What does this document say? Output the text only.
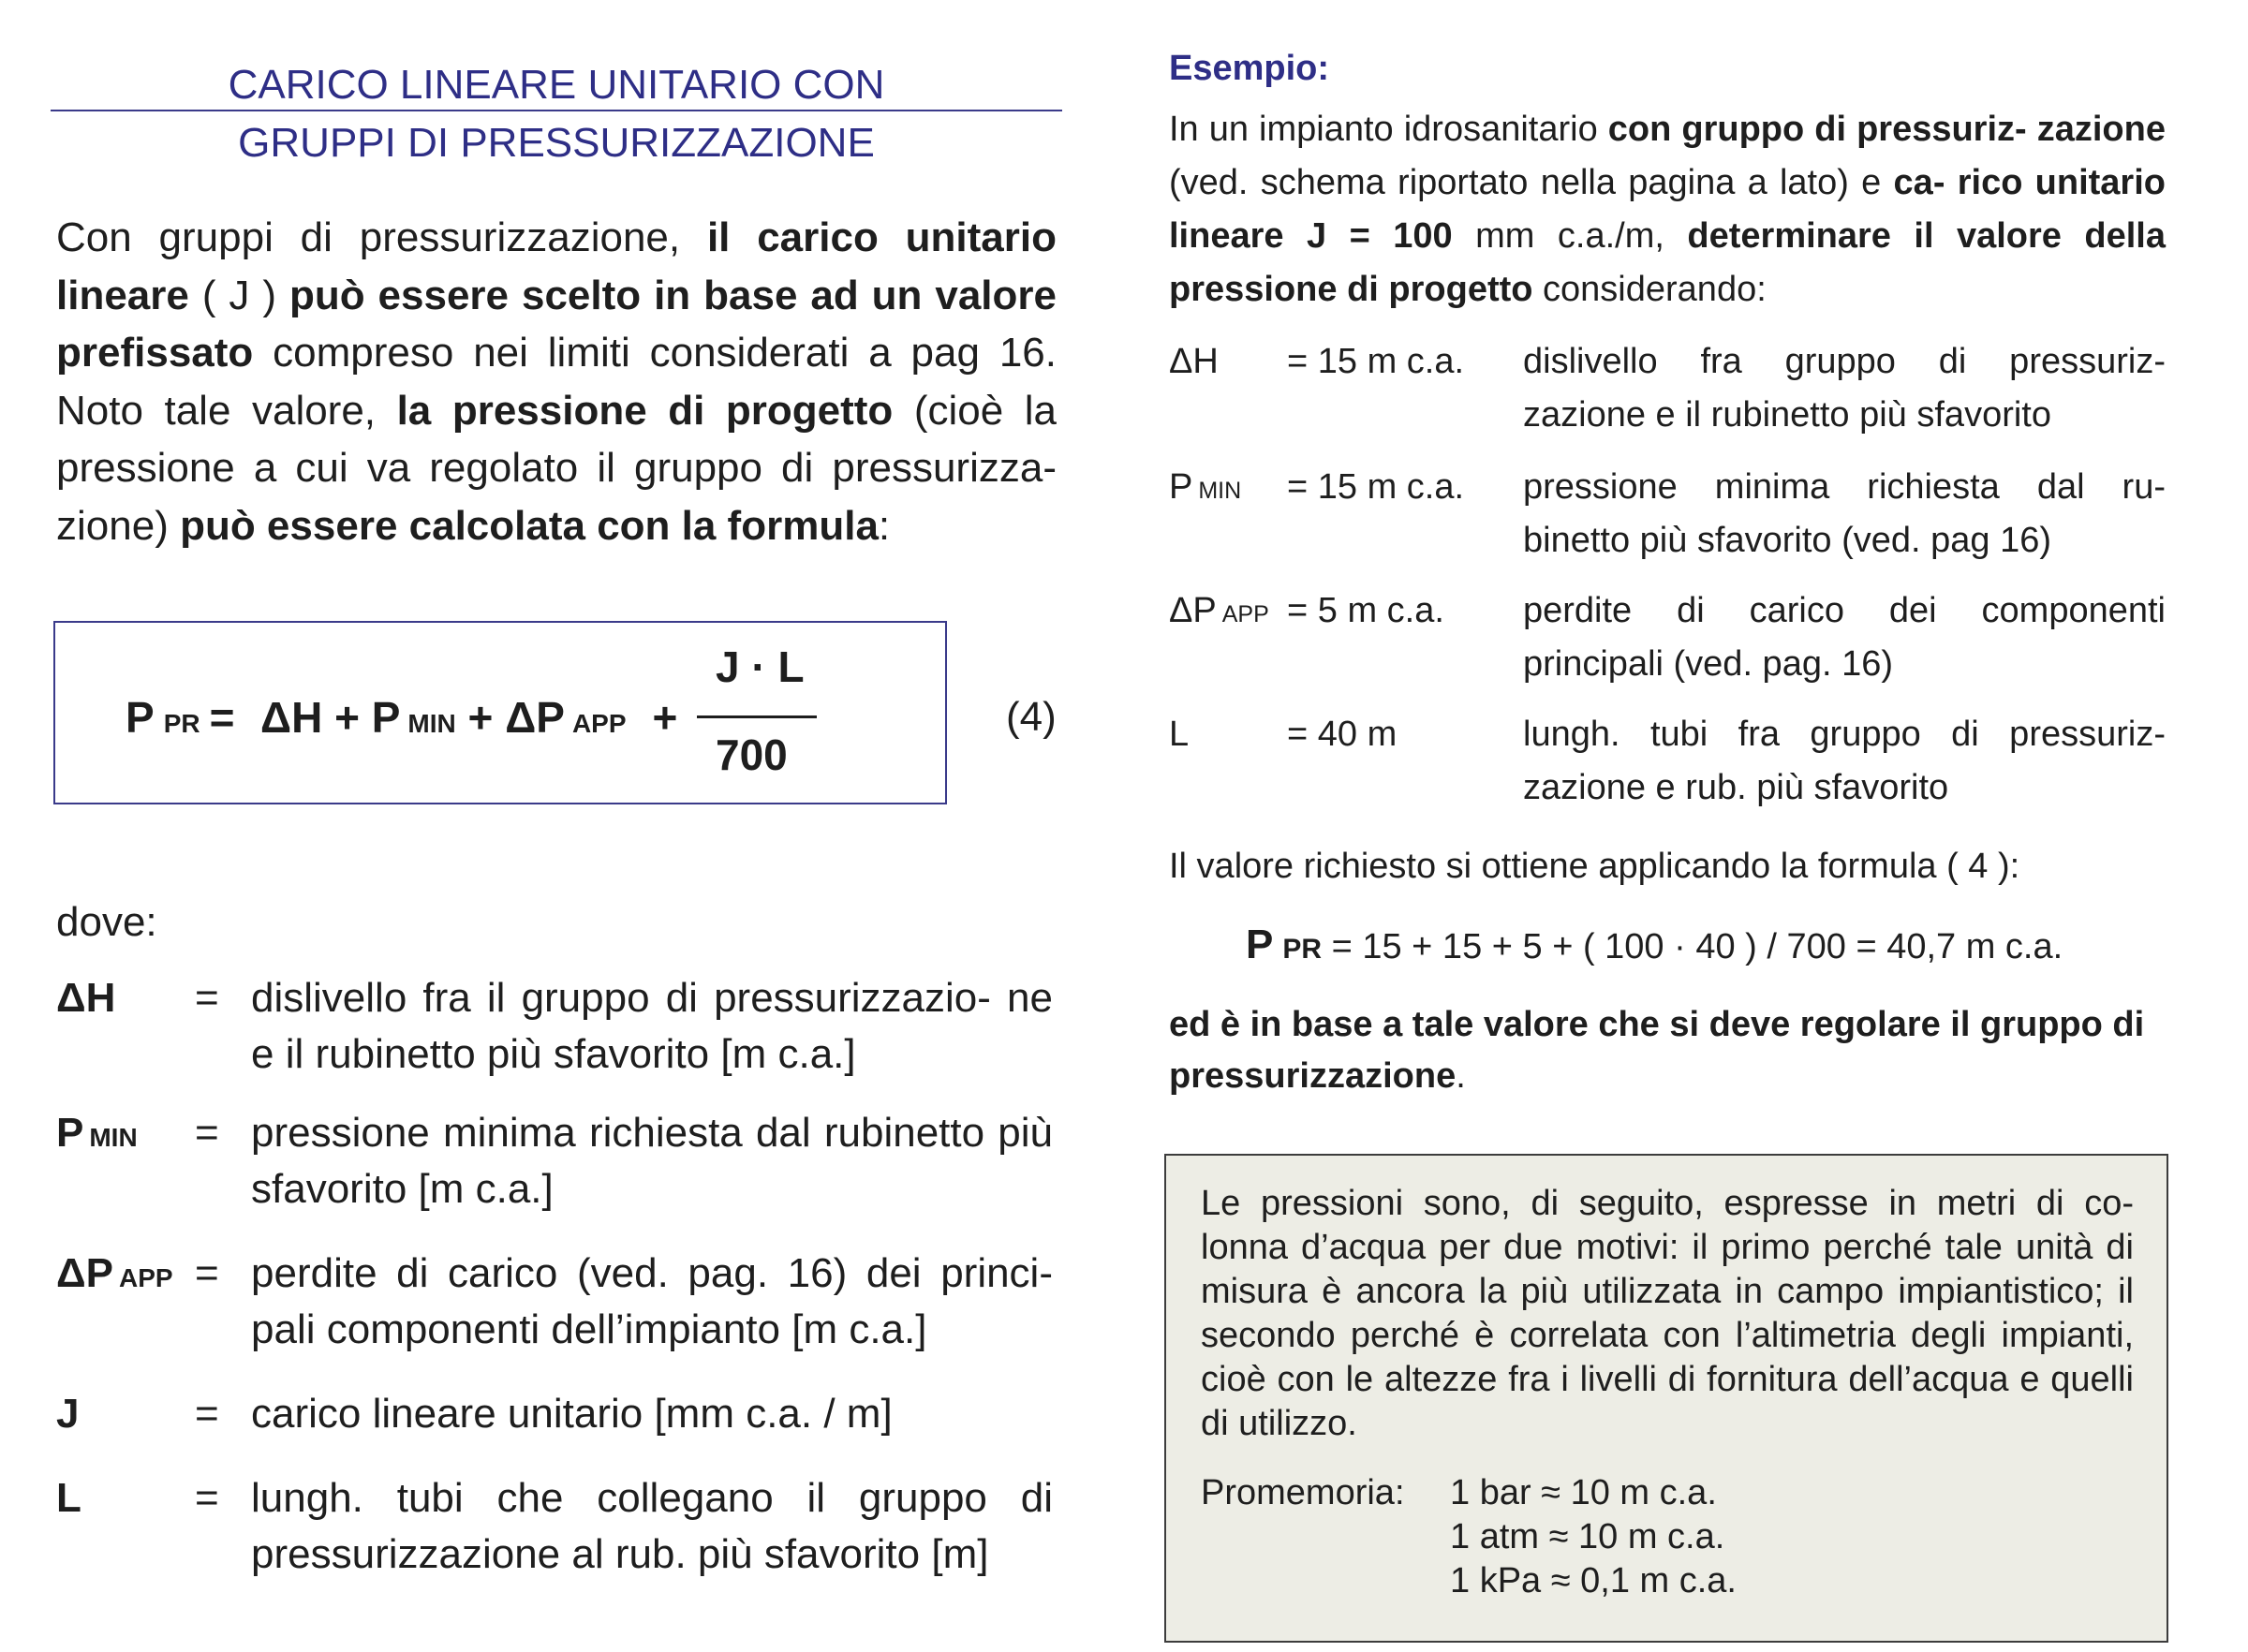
CARICO LINEARE UNITARIO CON
GRUPPI DI PRESSURIZZAZIONE
Con gruppi di pressurizzazione, il carico unitario lineare ( J ) può essere scelto in base ad un valore prefissato compreso nei limiti considerati a pag 16. Noto tale valore, la pressione di progetto (cioè la pressione a cui va regolato il gruppo di pressurizza- zione) può essere calcolata con la formula:
PPR = ΔH + P MIN + ΔP APP +
J · L
700
(4)
dove:
ΔH = dislivello fra il gruppo di pressurizzazio- ne e il rubinetto più sfavorito [m c.a.]
PMIN = pressione minima richiesta dal rubinetto più sfavorito [m c.a.]
ΔP APP = perdite di carico (ved. pag. 16) dei princi- pali componenti dell’impianto [m c.a.]
J	= carico lineare unitario [mm c.a. / m]
L	= lungh. tubi che collegano il gruppo di pressurizzazione al rub. più sfavorito [m]
Esempio:
In un impianto idrosanitario con gruppo di pressuriz- zazione (ved. schema riportato nella pagina a lato) e ca- rico unitario lineare J = 100 mm c.a./m, determinare il valore della pressione di progetto considerando:
ΔH = 15 m c.a. dislivello fra gruppo di pressuriz- zazione e il rubinetto più sfavorito
PMIN = 15 m c.a. pressione minima richiesta dal ru- binetto più sfavorito (ved. pag 16)
ΔP APP = 5 m c.a. perdite di carico dei componenti principali (ved. pag. 16)
L	= 40 m	lungh. tubi fra gruppo di pressuriz- zazione e rub. più sfavorito
Il valore richiesto si ottiene applicando la formula ( 4 ):
P PR = 15 + 15 + 5 + ( 100 · 40 ) / 700 = 40,7 m c.a.
ed è in base a tale valore che si deve regolare il gruppo di pressurizzazione.
Le pressioni sono, di seguito, espresse in metri di co- lonna d’acqua per due motivi: il primo perché tale unità di misura è ancora la più utilizzata in campo impiantistico; il secondo perché è correlata con l’altimetria degli impianti, cioè con le altezze fra i livelli di fornitura dell’acqua e quelli di utilizzo.
Promemoria: 1 bar ≈ 10 m c.a.
1 atm ≈ 10 m c.a.
1 kPa ≈ 0,1 m c.a.
